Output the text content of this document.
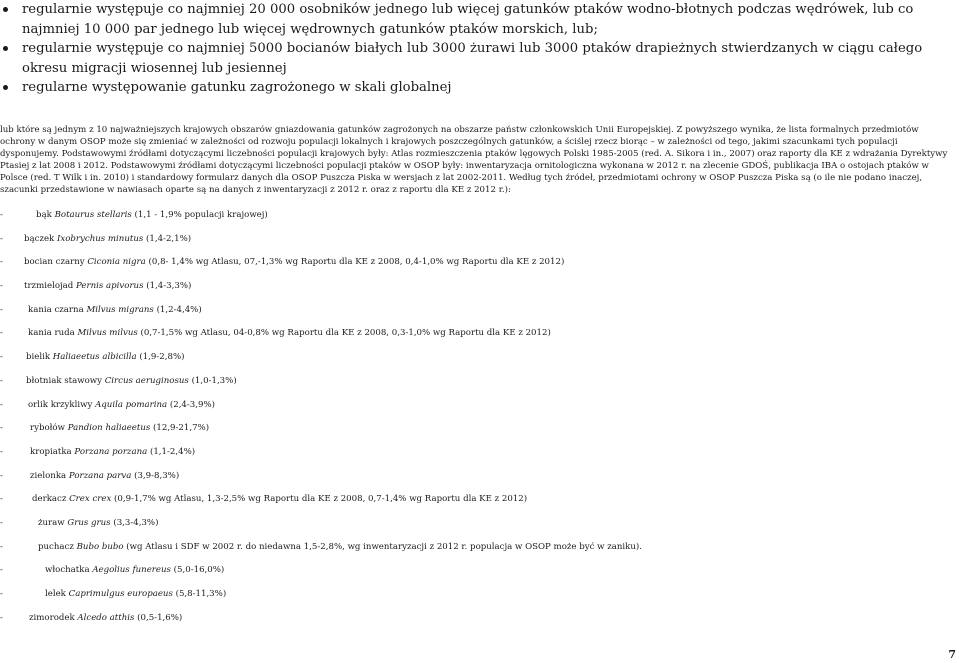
regularnie występuje co najmniej 20 000 osobników jednego lub więcej gatunków ptaków wodno-błotnych podczas wędrówek, lub co najmniej 10 000 par jednego lub więcej wędrownych gatunków ptaków morskich, lub;
regularnie występuje co najmniej 5000 bocianów białych lub 3000 żurawi lub 3000 ptaków drapieżnych stwierdzanych w ciągu całego okresu migracji wiosennej lub jesiennej
regularne występowanie gatunku zagrożonego w skali globalnej

lub które są jednym z 10 najważniejszych krajowych obszarów gniazdowania gatunków zagrożonych na obszarze państw członkowskich Unii Europejskiej. Z powyższego wynika, że lista formalnych przedmiotów ochrony w danym OSOP może się zmieniać w zależności od rozwoju populacji lokalnych i krajowych poszczególnych gatunków, a ściślej rzecz biorąc – w zależności od tego, jakimi szacunkami tych populacji dysponujemy. Podstawowymi źródłami dotyczącymi liczebności populacji krajowych były: Atlas rozmieszczenia ptaków lęgowych Polski 1985-2005 (red. A. Sikora i in., 2007) oraz raporty dla KE z wdrażania Dyrektywy Ptasiej z lat 2008 i 2012. Podstawowymi źródłami dotyczącymi liczebności populacji ptaków w OSOP były: inwentaryzacja ornitologiczna wykonana w 2012 r. na zlecenie GDOŚ, publikacja IBA o ostojach ptaków w Polsce (red. T Wilk i in. 2010) i standardowy formularz danych dla OSOP Puszcza Piska w wersjach z lat 2002-2011. Według tych źródeł, przedmiotami ochrony w OSOP Puszcza Piska są (o ile nie podano inaczej, szacunki przedstawione w nawiasach oparte są na danych z inwentaryzacji z 2012 r. oraz z raportu dla KE z 2012 r.):

-	bąk Botaurus stellaris (1,1 - 1,9% populacji krajowej)
- bączek Ixobrychus minutus (1,4-2,1%)
- bocian czarny Ciconia nigra (0,8- 1,4% wg Atlasu, 07,-1,3% wg Raportu dla KE z 2008, 0,4-1,0% wg Raportu dla KE z 2012)
- trzmielojad Pernis apivorus (1,4-3,3%)
-	kania czarna Milvus migrans (1,2-4,4%)
-	kania ruda Milvus milvus (0,7-1,5% wg Atlasu, 04-0,8% wg Raportu dla KE z 2008, 0,3-1,0% wg Raportu dla KE z 2012)
-	bielik Haliaeetus albicilla (1,9-2,8%)
-	błotniak stawowy Circus aeruginosus (1,0-1,3%)
-	orlik krzykliwy Aquila pomarina (2,4-3,9%)
-	rybołów Pandion haliaeetus (12,9-21,7%)
-	kropiatka Porzana porzana (1,1-2,4%)
-	zielonka Porzana parva (3,9-8,3%)
-	derkacz Crex crex (0,9-1,7% wg Atlasu, 1,3-2,5% wg Raportu dla KE z 2008, 0,7-1,4% wg Raportu dla KE z 2012)
-	żuraw Grus grus (3,3-4,3%)
-	puchacz Bubo bubo (wg Atlasu i SDF w 2002 r. do niedawna 1,5-2,8%, wg inwentaryzacji z 2012 r. populacja w OSOP może być w zaniku).
-	włochatka Aegolius funereus (5,0-16,0%)
-	lelek Caprimulgus europaeus (5,8-11,3%)
-	zimorodek Alcedo atthis (0,5-1,6%)
7
